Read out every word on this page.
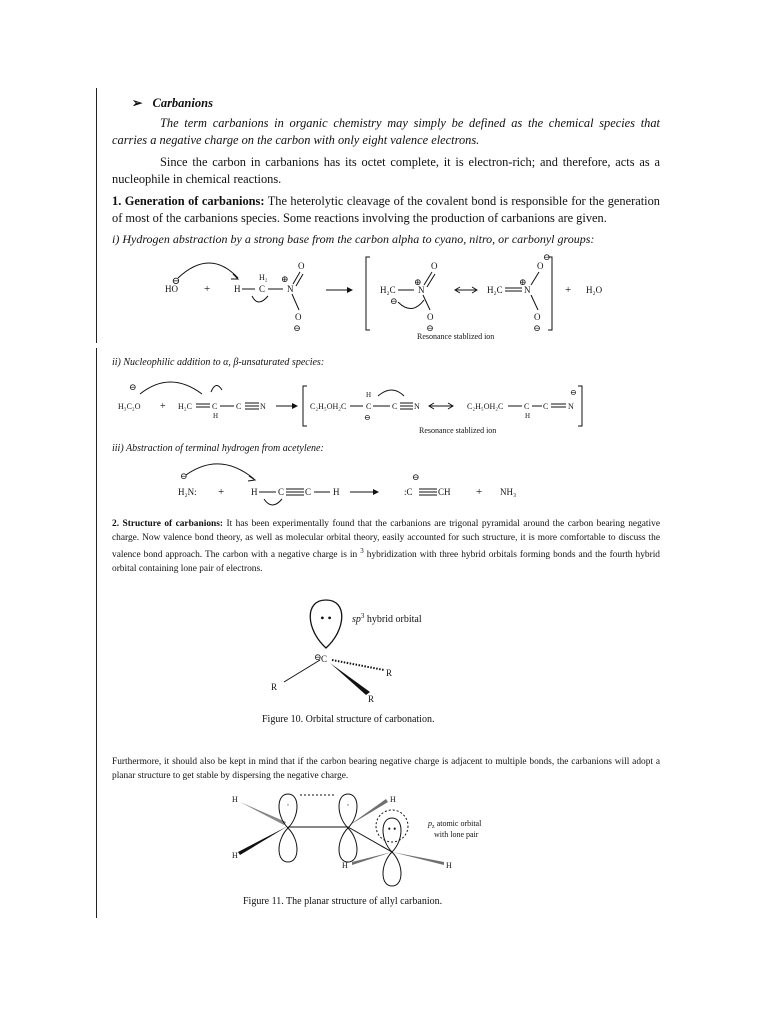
➢ Carbanions

The term carbanions in organic chemistry may simply be defined as the chemical species that carries a negative charge on the carbon with only eight valence electrons.

Since the carbon in carbanions has its octet complete, it is electron-rich; and therefore, acts as a nucleophile in chemical reactions.

1. Generation of carbanions: The heterolytic cleavage of the covalent bond is responsible for the generation of most of the carbanions species. Some reactions involving the production of carbanions are given.

i) Hydrogen abstraction by a strong base from the carbon alpha to cyano, nitro, or carbonyl groups:
⊖
HO +	H
H₂
C
⊕
N
O
O
⊖
H₂C
⊖
⊕
N
O
O
⊖
H₂C N
⊕
O
⊖
O
⊖
+ H₂O
Resonance stablized ion
ii) Nucleophilic addition to α, β-unsaturated species:
⊖
H₃C₂O + H₂C	C
H
C N	C₂H₅OH₂C
H
C
⊖
C N	C₂H₅OH₂C	C
H
C N
⊖
Resonance stablized ion
iii) Abstraction of terminal hydrogen from acetylene:
⊖
H₂N: +	H C C H
⊖
:C	CH + NH₃

2. Structure of carbanions: It has been experimentally found that the carbanions are trigonal pyramidal around the carbon bearing negative charge. Now valence bond theory, as well as molecular orbital theory, easily accounted for such structure, it is more comfortable to discuss the valence bond approach. The carbon with a negative charge is in $^3$ hybridization with three hybrid orbitals forming bonds and the fourth hybrid orbital containing lone pair of electrons.

• • $sp^3$ hybrid orbital
⊖ C
R
R
R
Figure 10. Orbital structure of carbonation.

Furthermore, it should also be kept in mind that if the carbon bearing negative charge is adjacent to multiple bonds, the carbanions will adopt a planar structure to get stable by dispersing the negative charge.

H
·	·
H
H
• •
H	H
$p_z$ atomic orbital
with lone pair
Figure 11. The planar structure of allyl carbanion.
